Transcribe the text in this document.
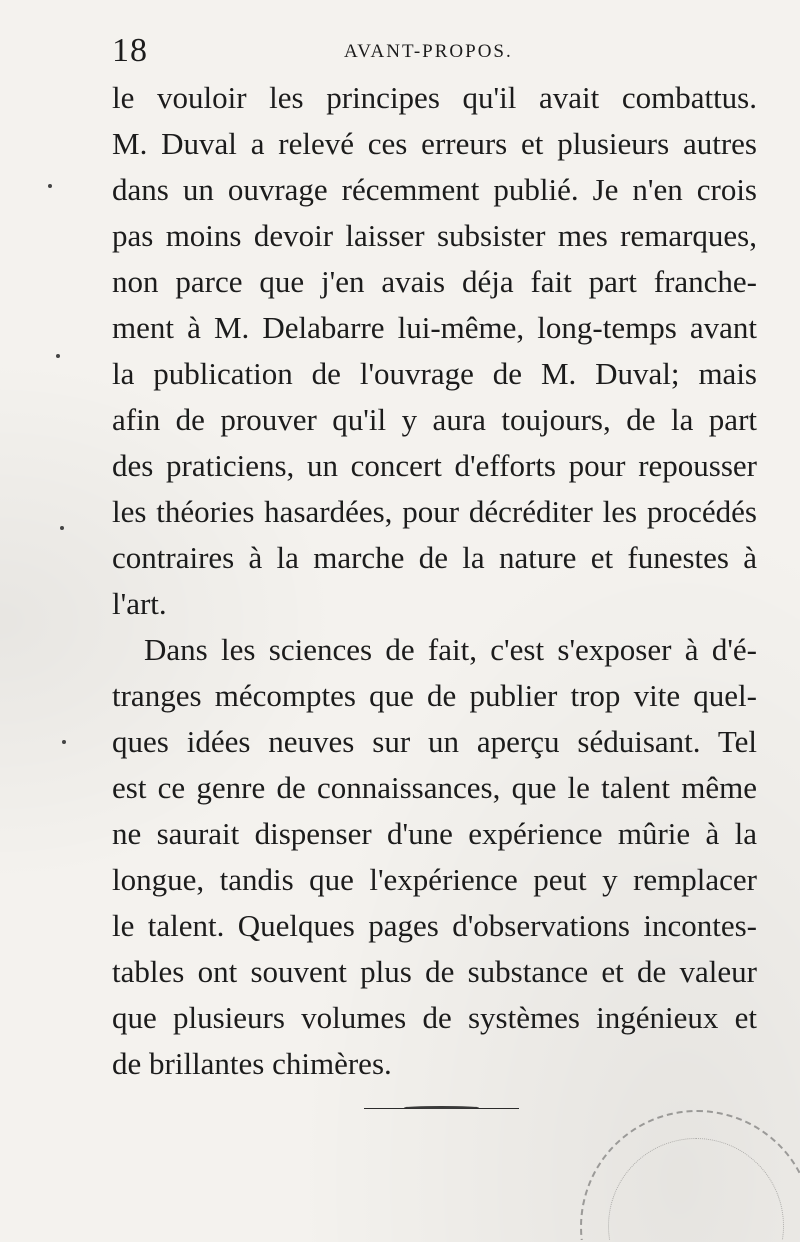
18	AVANT-PROPOS.
le vouloir les principes qu'il avait combattus.
M. Duval a relevé ces erreurs et plusieurs autres
dans un ouvrage récemment publié. Je n'en crois
pas moins devoir laisser subsister mes remarques,
non parce que j'en avais déja fait part franche-
ment à M. Delabarre lui-même, long-temps avant
la publication de l'ouvrage de M. Duval; mais
afin de prouver qu'il y aura toujours, de la part
des praticiens, un concert d'efforts pour repousser
les théories hasardées, pour décréditer les procédés
contraires à la marche de la nature et funestes à
l'art.
Dans les sciences de fait, c'est s'exposer à d'é-
tranges mécomptes que de publier trop vite quel-
ques idées neuves sur un aperçu séduisant. Tel
est ce genre de connaissances, que le talent même
ne saurait dispenser d'une expérience mûrie à la
longue, tandis que l'expérience peut y remplacer
le talent. Quelques pages d'observations incontes-
tables ont souvent plus de substance et de valeur
que plusieurs volumes de systèmes ingénieux et
de brillantes chimères.
